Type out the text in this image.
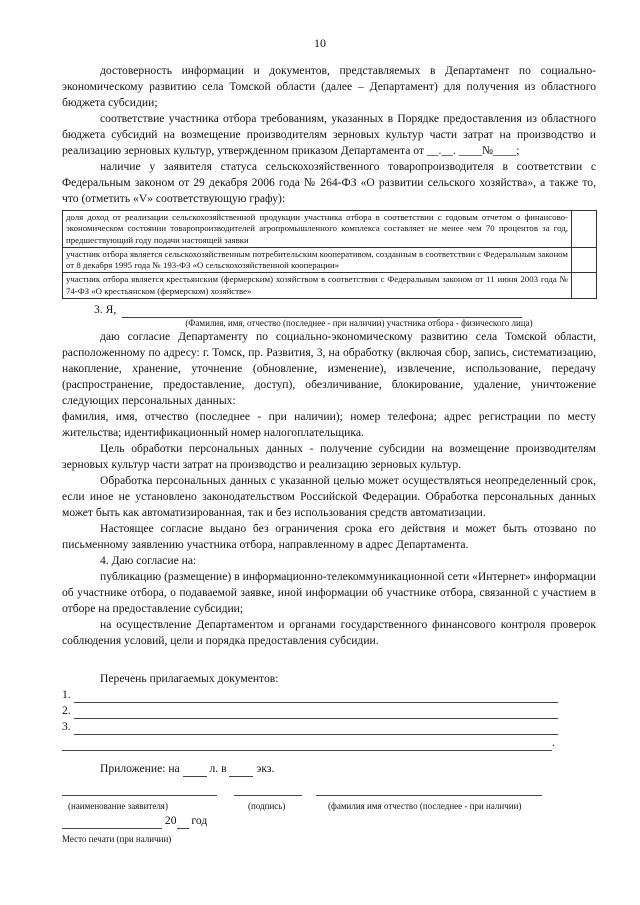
10

достоверность информации и документов, представляемых в Департамент по социально-экономическому развитию села Томской области (далее – Департамент) для получения из областного бюджета субсидии;

соответствие участника отбора требованиям, указанных в Порядке предоставления из областного бюджета субсидий на возмещение производителям зерновых культур части затрат на производство и реализацию зерновых культур, утвержденном приказом Департамента от __.__. ____№____;

наличие у заявителя статуса сельскохозяйственного товаропроизводителя в соответствии с Федеральным законом от 29 декабря 2006 года № 264-ФЗ «О развитии сельского хозяйства», а также то, что (отметить «V» соответствующую графу):

доля доход от реализации сельскохозяйственной продукции участника отбора в соответствии с годовым отчетом о финансово-экономическом состоянии товаропроизводителей агропромышленного комплекса составляет не менее чем 70 процентов за год, предшествующий году подачи настоящей заявки	
участник отбора является сельскохозяйственным потребительским кооперативом, созданным в соответствии с Федеральным законом от 8 декабря 1995 года № 193-ФЗ «О сельскохозяйственной кооперации»	
участник отбора является крестьянским (фермерским) хозяйством в соответствии с Федеральным законом от 11 июня 2003 года № 74-ФЗ «О крестьянском (фермерском) хозяйстве»	
3. Я,
(Фамилия, имя, отчество (последнее - при наличии) участника отбора - физического лица)

даю согласие Департаменту по социально-экономическому развитию села Томской области, расположенному по адресу: г. Томск, пр. Развития, 3, на обработку (включая сбор, запись, систематизацию, накопление, хранение, уточнение (обновление, изменение), извлечение, использование, передачу (распространение, предоставление, доступ), обезличивание, блокирование, удаление, уничтожение следующих персональных данных:

фамилия, имя, отчество (последнее - при наличии); номер телефона; адрес регистрации по месту жительства; идентификационный номер налогоплательщика.

Цель обработки персональных данных - получение субсидии на возмещение производителям зерновых культур части затрат на производство и реализацию зерновых культур.

Обработка персональных данных с указанной целью может осуществляться неопределенный срок, если иное не установлено законодательством Российской Федерации. Обработка персональных данных может быть как автоматизированная, так и без использования средств автоматизации.

Настоящее согласие выдано без ограничения срока его действия и может быть отозвано по письменному заявлению участника отбора, направленному в адрес Департамента.

4. Даю согласие на:

публикацию (размещение) в информационно-телекоммуникационной сети «Интернет» информации об участнике отбора, о подаваемой заявке, иной информации об участнике отбора, связанной с участием в отборе на предоставление субсидии;

на осуществление Департаментом и органами государственного финансового контроля проверок соблюдения условий, цели и порядка предоставления субсидии.

Перечень прилагаемых документов:
1.
2.
3.
.
Приложение: на	л. в	экз.
(наименование заявителя)	(подпись)	(фамилия имя отчество (последнее - при наличии)
20 год
Место печати (при наличии)
